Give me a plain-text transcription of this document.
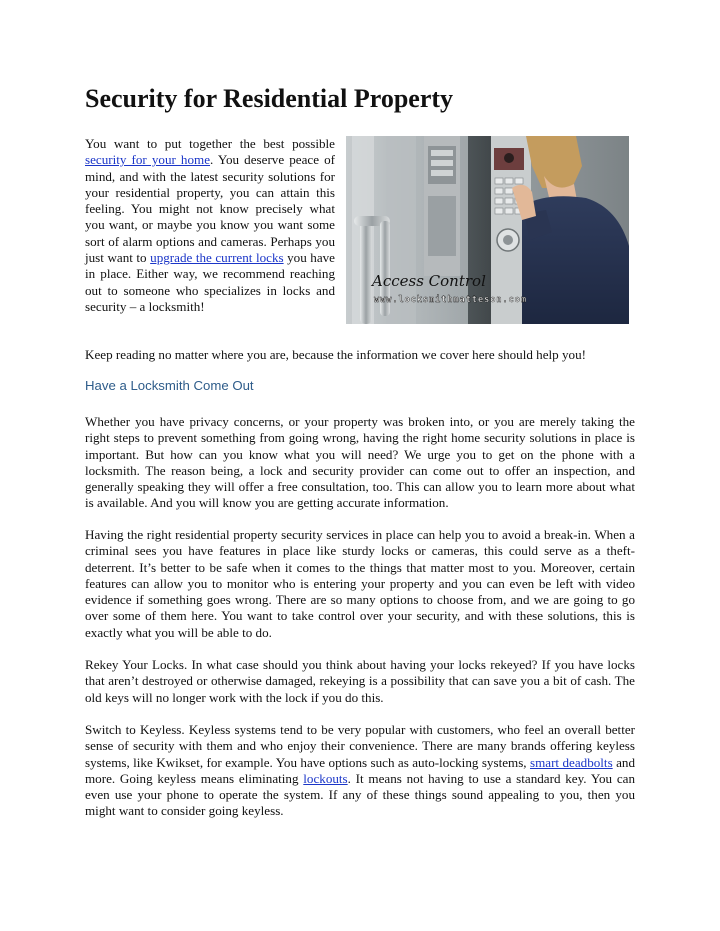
Security for Residential Property

You want to put together the best possible security for your home. You deserve peace of mind, and with the latest security solutions for your residential property, you can attain this feeling. You might not know precisely what you want, or maybe you know you want some sort of alarm options and cameras. Perhaps you just want to upgrade the current locks you have in place. Either way, we recommend reaching out to someone who specializes in locks and security – a locksmith!

Access Control
www.locksmithmatteson.com

Keep reading no matter where you are, because the information we cover here should help you!

Have a Locksmith Come Out

Whether you have privacy concerns, or your property was broken into, or you are merely taking the right steps to prevent something from going wrong, having the right home security solutions in place is important. But how can you know what you will need? We urge you to get on the phone with a locksmith. The reason being, a lock and security provider can come out to offer an inspection, and generally speaking they will offer a free consultation, too. This can allow you to learn more about what is available. And you will know you are getting accurate information.

Having the right residential property security services in place can help you to avoid a break-in. When a criminal sees you have features in place like sturdy locks or cameras, this could serve as a theft-deterrent. It’s better to be safe when it comes to the things that matter most to you. Moreover, certain features can allow you to monitor who is entering your property and you can even be left with video evidence if something goes wrong. There are so many options to choose from, and we are going to go over some of them here. You want to take control over your security, and with these solutions, this is exactly what you will be able to do.

Rekey Your Locks. In what case should you think about having your locks rekeyed? If you have locks that aren’t destroyed or otherwise damaged, rekeying is a possibility that can save you a bit of cash. The old keys will no longer work with the lock if you do this.

Switch to Keyless. Keyless systems tend to be very popular with customers, who feel an overall better sense of security with them and who enjoy their convenience. There are many brands offering keyless systems, like Kwikset, for example. You have options such as auto-locking systems, smart deadbolts and more. Going keyless means eliminating lockouts. It means not having to use a standard key. You can even use your phone to operate the system. If any of these things sound appealing to you, then you might want to consider going keyless.
